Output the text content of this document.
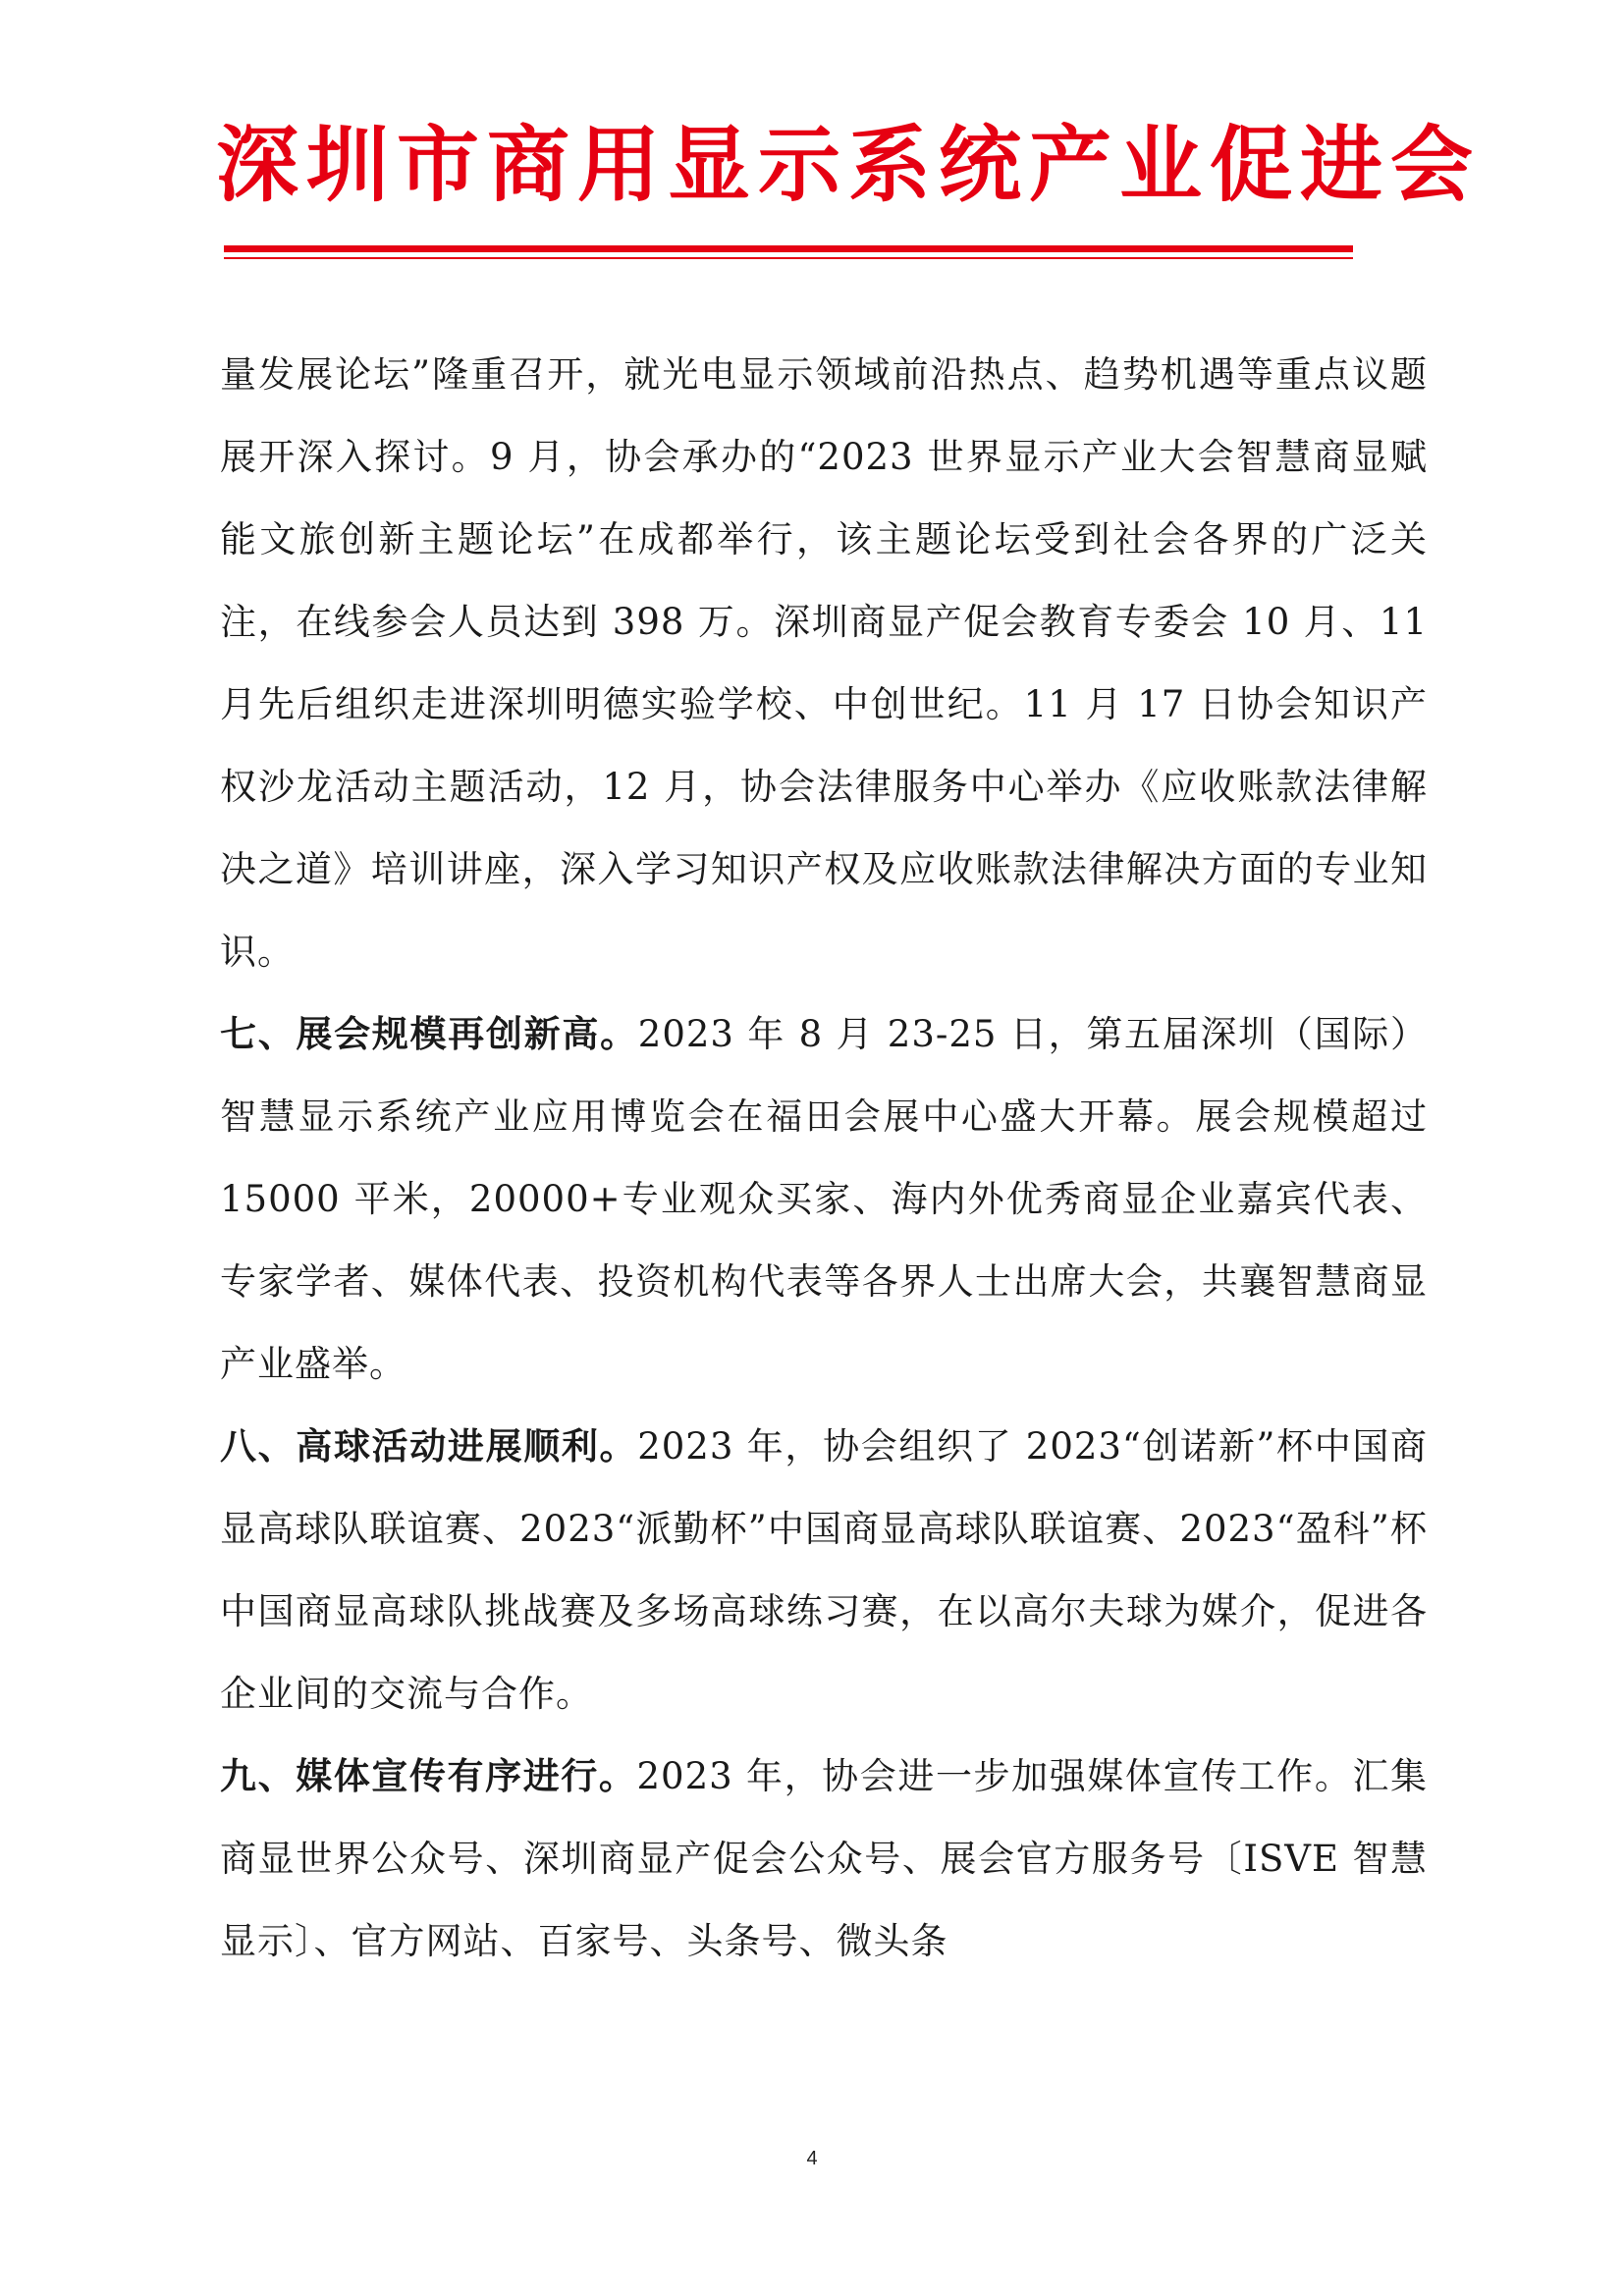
深圳市商用显示系统产业促进会

量发展论坛”隆重召开，就光电显示领域前沿热点、趋势机遇等重点议题展开深入探讨。9 月，协会承办的“2023 世界显示产业大会智慧商显赋能文旅创新主题论坛”在成都举行，该主题论坛受到社会各界的广泛关注，在线参会人员达到 398 万。深圳商显产促会教育专委会 10 月、11 月先后组织走进深圳明德实验学校、中创世纪。11 月 17 日协会知识产权沙龙活动主题活动，12 月，协会法律服务中心举办《应收账款法律解决之道》培训讲座，深入学习知识产权及应收账款法律解决方面的专业知识。

七、展会规模再创新高。2023 年 8 月 23-25 日，第五届深圳（国际）智慧显示系统产业应用博览会在福田会展中心盛大开幕。展会规模超过 15000 平米，20000+专业观众买家、海内外优秀商显企业嘉宾代表、专家学者、媒体代表、投资机构代表等各界人士出席大会，共襄智慧商显产业盛举。

八、高球活动进展顺利。2023 年，协会组织了 2023“创诺新”杯中国商显高球队联谊赛、2023“派勤杯”中国商显高球队联谊赛、2023“盈科”杯中国商显高球队挑战赛及多场高球练习赛，在以高尔夫球为媒介，促进各企业间的交流与合作。

九、媒体宣传有序进行。2023 年，协会进一步加强媒体宣传工作。汇集商显世界公众号、深圳商显产促会公众号、展会官方服务号〔ISVE 智慧显示〕、官方网站、百家号、头条号、微头条

4
